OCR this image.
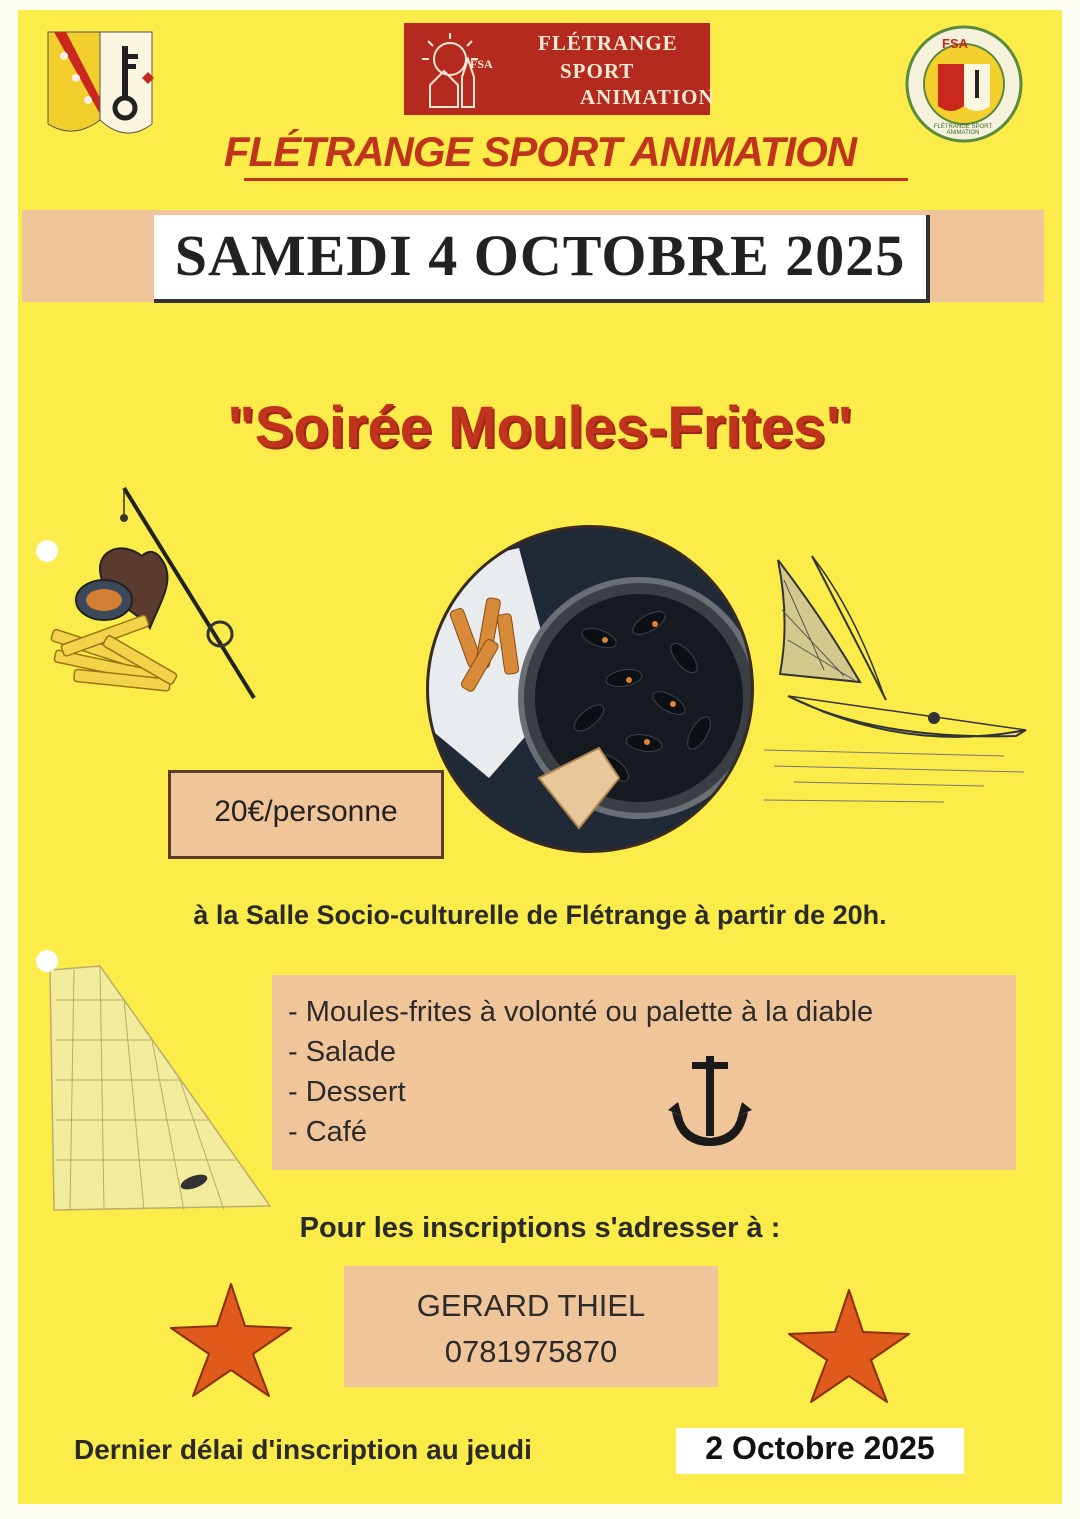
FSA
FLÉTRANGE
SPORT
ANIMATION
FSA
FLÉTRANGE SPORT ANIMATION
FLÉTRANGE SPORT ANIMATION
SAMEDI 4 OCTOBRE 2025
"Soirée Moules-Frites"
20€/personne
à la Salle Socio-culturelle de Flétrange à partir de 20h.
- Moules-frites à volonté ou palette à la diable
- Salade
- Dessert
- Café
Pour les inscriptions s'adresser à :
GERARD THIEL
0781975870
Dernier délai d'inscription au jeudi	2 Octobre 2025
